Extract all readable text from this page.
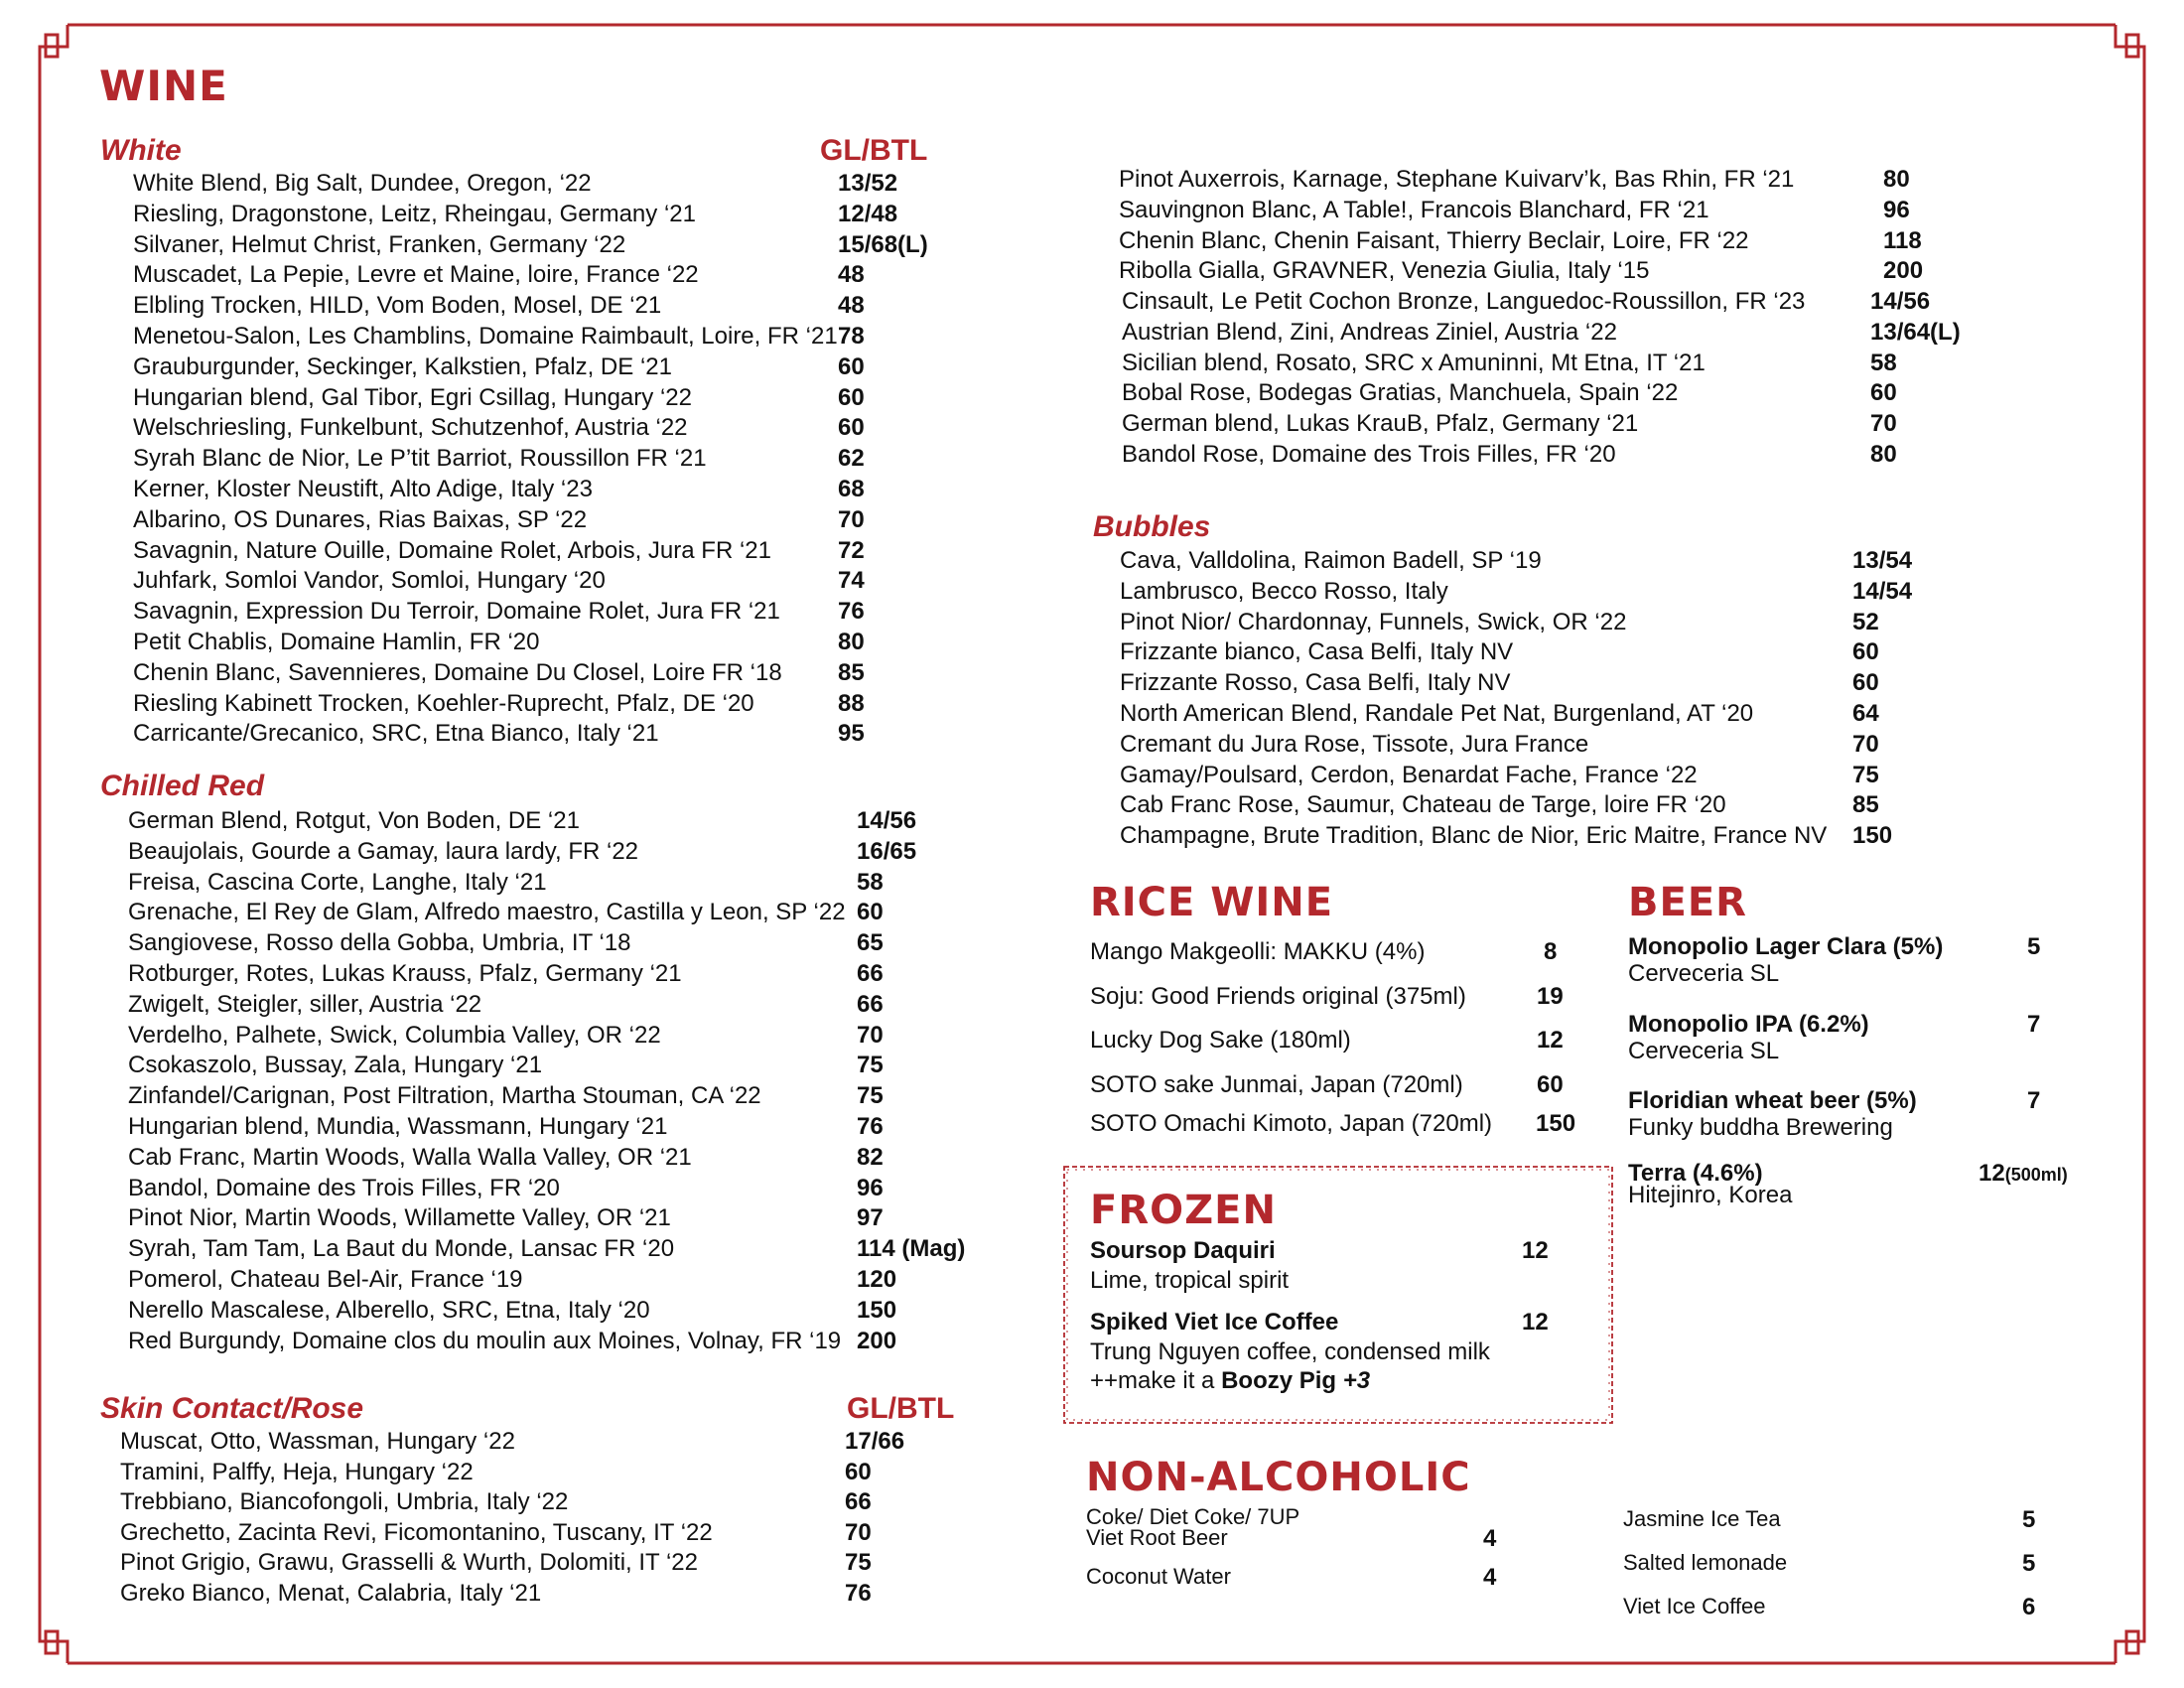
WINE
White	GL/BTL
White Blend, Big Salt, Dundee, Oregon, ‘22	13/52
Riesling, Dragonstone, Leitz, Rheingau, Germany ‘21	12/48
Silvaner, Helmut Christ, Franken, Germany ‘22	15/68(L)
Muscadet, La Pepie, Levre et Maine, loire, France ‘22	48
Elbling Trocken, HILD, Vom Boden, Mosel, DE ‘21	48
Menetou-Salon, Les Chamblins, Domaine Raimbault, Loire, FR ‘21 78
Grauburgunder, Seckinger, Kalkstien, Pfalz, DE ‘21	60
Hungarian blend, Gal Tibor, Egri Csillag, Hungary ‘22	60
Welschriesling, Funkelbunt, Schutzenhof, Austria ‘22	60
Syrah Blanc de Nior, Le P’tit Barriot, Roussillon FR ‘21	62
Kerner, Kloster Neustift, Alto Adige, Italy ‘23	68
Albarino, OS Dunares, Rias Baixas, SP ‘22	70
Savagnin, Nature Ouille, Domaine Rolet, Arbois, Jura FR ‘21	72
Juhfark, Somloi Vandor, Somloi, Hungary ‘20	74
Savagnin, Expression Du Terroir, Domaine Rolet, Jura FR ‘21 76
Petit Chablis, Domaine Hamlin, FR ‘20	80
Chenin Blanc, Savennieres, Domaine Du Closel, Loire FR ‘18 85
Riesling Kabinett Trocken, Koehler-Ruprecht, Pfalz, DE ‘20	88
Carricante/Grecanico, SRC, Etna Bianco, Italy ‘21	95
Chilled Red
German Blend, Rotgut, Von Boden, DE ‘21	14/56
Beaujolais, Gourde a Gamay, laura lardy, FR ‘22	16/65
Freisa, Cascina Corte, Langhe, Italy ‘21	58
Grenache, El Rey de Glam, Alfredo maestro, Castilla y Leon, SP ‘22 60
Sangiovese, Rosso della Gobba, Umbria, IT ‘18	65
Rotburger, Rotes, Lukas Krauss, Pfalz, Germany ‘21	66
Zwigelt, Steigler, siller, Austria ‘22	66
Verdelho, Palhete, Swick, Columbia Valley, OR ‘22	70
Csokaszolo, Bussay, Zala, Hungary ‘21	75
Zinfandel/Carignan, Post Filtration, Martha Stouman, CA ‘22	75
Hungarian blend, Mundia, Wassmann, Hungary ‘21	76
Cab Franc, Martin Woods, Walla Walla Valley, OR ‘21	82
Bandol, Domaine des Trois Filles, FR ‘20	96
Pinot Nior, Martin Woods, Willamette Valley, OR ‘21	97
Syrah, Tam Tam, La Baut du Monde, Lansac FR ‘20	114 (Mag)
Pomerol, Chateau Bel-Air, France ‘19	120
Nerello Mascalese, Alberello, SRC, Etna, Italy ‘20	150
Red Burgundy, Domaine clos du moulin aux Moines, Volnay, FR ‘19 200
Skin Contact/Rose	GL/BTL
Muscat, Otto, Wassman, Hungary ‘22	17/66
Tramini, Palffy, Heja, Hungary ‘22	60
Trebbiano, Biancofongoli, Umbria, Italy ‘22	66
Grechetto, Zacinta Revi, Ficomontanino, Tuscany, IT ‘22	70
Pinot Grigio, Grawu, Grasselli & Wurth, Dolomiti, IT ‘22	75
Greko Bianco, Menat, Calabria, Italy ‘21	76
Pinot Auxerrois, Karnage, Stephane Kuivarv’k, Bas Rhin, FR ‘21	80
Sauvingnon Blanc, A Table!, Francois Blanchard, FR ‘21	96
Chenin Blanc, Chenin Faisant, Thierry Beclair, Loire, FR ‘22	118
Ribolla Gialla, GRAVNER, Venezia Giulia, Italy ‘15	200
Cinsault, Le Petit Cochon Bronze, Languedoc-Roussillon, FR ‘23	14/56
Austrian Blend, Zini, Andreas Ziniel, Austria ‘22	13/64(L)
Sicilian blend, Rosato, SRC x Amuninni, Mt Etna, IT ‘21	58
Bobal Rose, Bodegas Gratias, Manchuela, Spain ‘22	60
German blend, Lukas KrauB, Pfalz, Germany ‘21	70
Bandol Rose, Domaine des Trois Filles, FR ‘20	80
Bubbles
Cava, Valldolina, Raimon Badell, SP ‘19	13/54
Lambrusco, Becco Rosso, Italy	14/54
Pinot Nior/ Chardonnay, Funnels, Swick, OR ‘22	52
Frizzante bianco, Casa Belfi, Italy NV	60
Frizzante Rosso, Casa Belfi, Italy NV	60
North American Blend, Randale Pet Nat, Burgenland, AT ‘20	64
Cremant du Jura Rose, Tissote, Jura France	70
Gamay/Poulsard, Cerdon, Benardat Fache, France ‘22	75
Cab Franc Rose, Saumur, Chateau de Targe, loire FR ‘20	85
Champagne, Brute Tradition, Blanc de Nior, Eric Maitre, France NV 150
RICE WINE
Mango Makgeolli: MAKKU (4%)	8
Soju: Good Friends original (375ml)	19
Lucky Dog Sake (180ml)	12
SOTO sake Junmai, Japan (720ml)	60
SOTO Omachi Kimoto, Japan (720ml) 150
BEER
Monopolio Lager Clara (5%)
Cerveceria SL
5
Monopolio IPA (6.2%)
Cerveceria SL
7
Floridian wheat beer (5%)
Funky buddha Brewering
7
Terra (4.6%)
Hitejinro, Korea
12(500ml)
FROZEN
Soursop Daquiri	12
Lime, tropical spirit
Spiked Viet Ice Coffee	12
Trung Nguyen coffee, condensed milk
++make it a Boozy Pig +3
NON-ALCOHOLIC
Coke/ Diet Coke/ 7UP
Viet Root Beer	4
Coconut Water	4
Jasmine Ice Tea	5
Salted lemonade	5
Viet Ice Coffee	6
